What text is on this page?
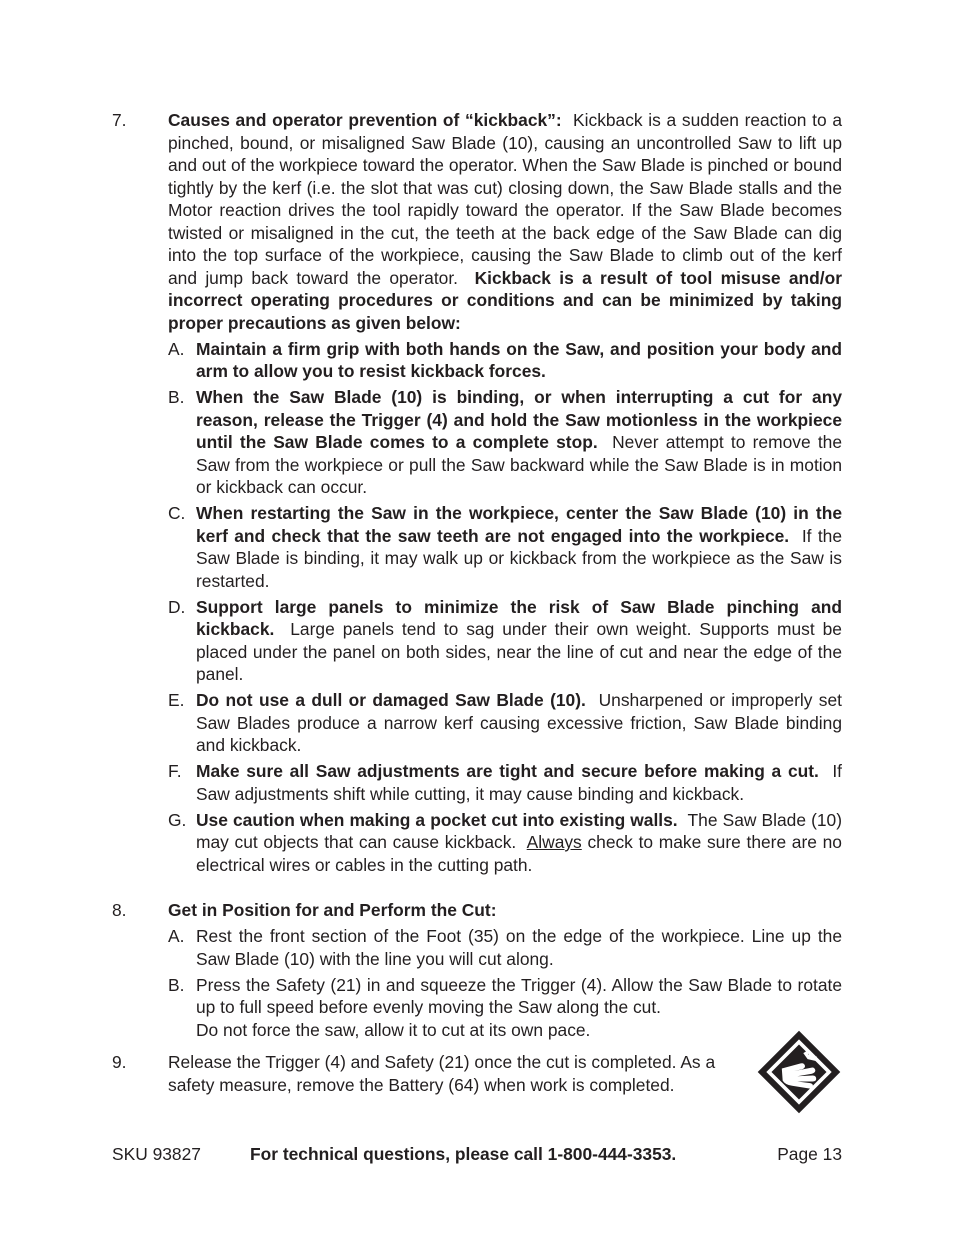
7.	Causes and operator prevention of “kickback”: Kickback is a sudden reaction to a pinched, bound, or misaligned Saw Blade (10), causing an uncontrolled Saw to lift up and out of the workpiece toward the operator. When the Saw Blade is pinched or bound tightly by the kerf (i.e. the slot that was cut) closing down, the Saw Blade stalls and the Motor reaction drives the tool rapidly toward the operator. If the Saw Blade becomes twisted or misaligned in the cut, the teeth at the back edge of the Saw Blade can dig into the top surface of the workpiece, causing the Saw Blade to climb out of the kerf and jump back toward the operator. Kickback is a result of tool misuse and/or incorrect operating procedures or conditions and can be minimized by taking proper precautions as given below:
A. Maintain a firm grip with both hands on the Saw, and position your body and arm to allow you to resist kickback forces.
B. When the Saw Blade (10) is binding, or when interrupting a cut for any reason, release the Trigger (4) and hold the Saw motionless in the workpiece until the Saw Blade comes to a complete stop. Never attempt to remove the Saw from the workpiece or pull the Saw backward while the Saw Blade is in motion or kickback can occur.
C. When restarting the Saw in the workpiece, center the Saw Blade (10) in the kerf and check that the saw teeth are not engaged into the workpiece. If the Saw Blade is binding, it may walk up or kickback from the workpiece as the Saw is restarted.
D. Support large panels to minimize the risk of Saw Blade pinching and kickback. Large panels tend to sag under their own weight. Supports must be placed under the panel on both sides, near the line of cut and near the edge of the panel.
E. Do not use a dull or damaged Saw Blade (10). Unsharpened or improperly set Saw Blades produce a narrow kerf causing excessive friction, Saw Blade binding and kickback.
F. Make sure all Saw adjustments are tight and secure before making a cut. If Saw adjustments shift while cutting, it may cause binding and kickback.
G. Use caution when making a pocket cut into existing walls. The Saw Blade (10) may cut objects that can cause kickback. Always check to make sure there are no electrical wires or cables in the cutting path.
8.	Get in Position for and Perform the Cut:
A. Rest the front section of the Foot (35) on the edge of the workpiece. Line up the Saw Blade (10) with the line you will cut along.
B. Press the Safety (21) in and squeeze the Trigger (4). Allow the Saw Blade to rotate up to full speed before evenly moving the Saw along the cut.
Do not force the saw, allow it to cut at its own pace.
9.	Release the Trigger (4) and Safety (21) once the cut is completed. As a
safety measure, remove the Battery (64) when work is completed.
SKU 93827	For technical questions, please call 1-800-444-3353.	Page 13
